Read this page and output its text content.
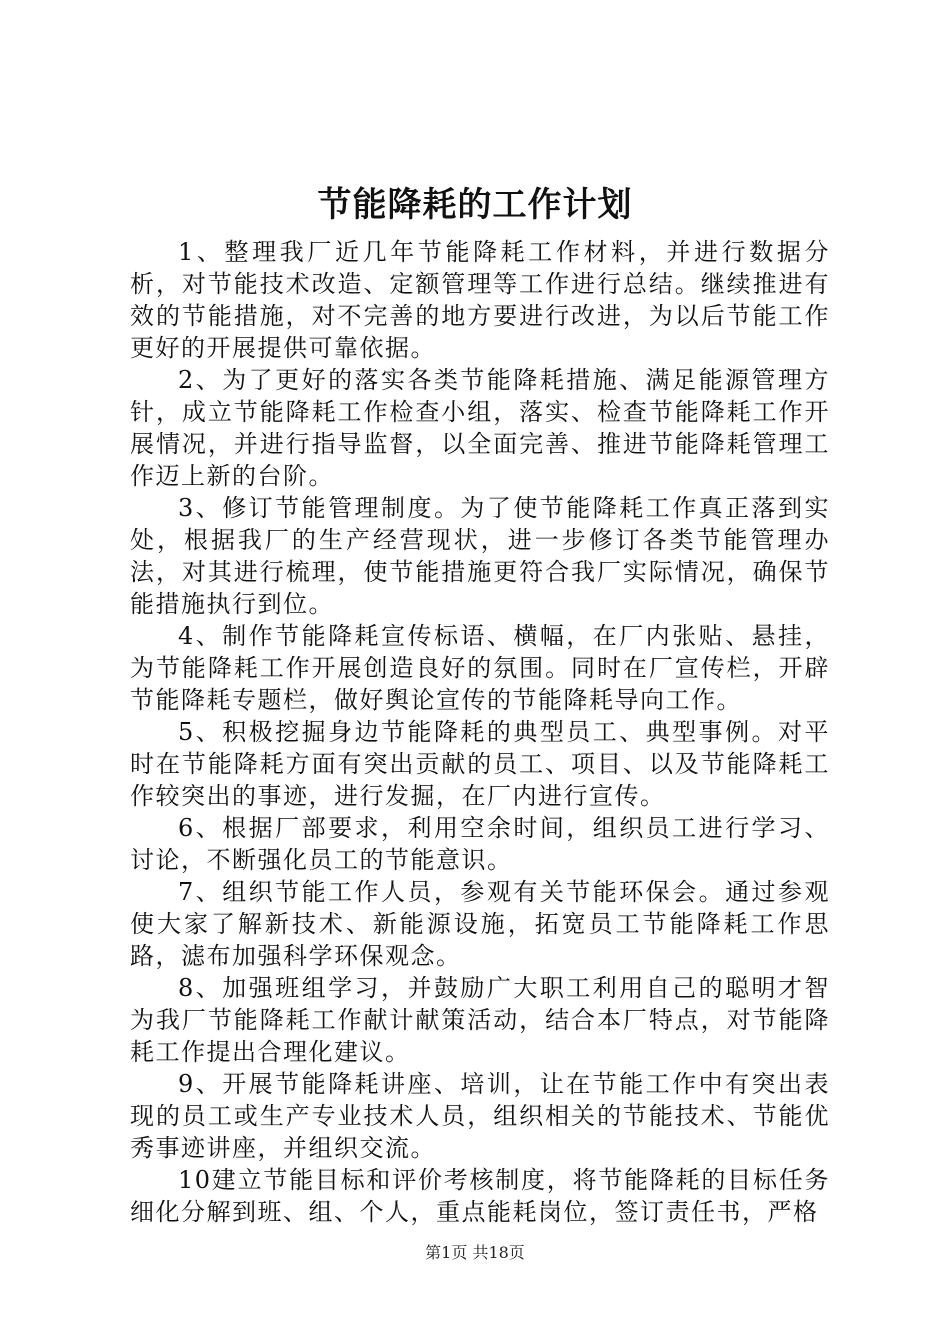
节能降耗的工作计划

1、整理我厂近几年节能降耗工作材料，并进行数据分析，对节能技术改造、定额管理等工作进行总结。继续推进有效的节能措施，对不完善的地方要进行改进，为以后节能工作更好的开展提供可靠依据。

2、为了更好的落实各类节能降耗措施、满足能源管理方针，成立节能降耗工作检查小组，落实、检查节能降耗工作开展情况，并进行指导监督，以全面完善、推进节能降耗管理工作迈上新的台阶。

3、修订节能管理制度。为了使节能降耗工作真正落到实处，根据我厂的生产经营现状，进一步修订各类节能管理办法，对其进行梳理，使节能措施更符合我厂实际情况，确保节能措施执行到位。

4、制作节能降耗宣传标语、横幅，在厂内张贴、悬挂，为节能降耗工作开展创造良好的氛围。同时在厂宣传栏，开辟节能降耗专题栏，做好舆论宣传的节能降耗导向工作。

5、积极挖掘身边节能降耗的典型员工、典型事例。对平时在节能降耗方面有突出贡献的员工、项目、以及节能降耗工作较突出的事迹，进行发掘，在厂内进行宣传。

6、根据厂部要求，利用空余时间，组织员工进行学习、讨论，不断强化员工的节能意识。

7、组织节能工作人员，参观有关节能环保会。通过参观使大家了解新技术、新能源设施，拓宽员工节能降耗工作思路，滤布加强科学环保观念。

8、加强班组学习，并鼓励广大职工利用自己的聪明才智为我厂节能降耗工作献计献策活动，结合本厂特点，对节能降耗工作提出合理化建议。

9、开展节能降耗讲座、培训，让在节能工作中有突出表现的员工或生产专业技术人员，组织相关的节能技术、节能优秀事迹讲座，并组织交流。

10建立节能目标和评价考核制度，将节能降耗的目标任务细化分解到班、组、个人，重点能耗岗位，签订责任书，严格

第1页 共18页
